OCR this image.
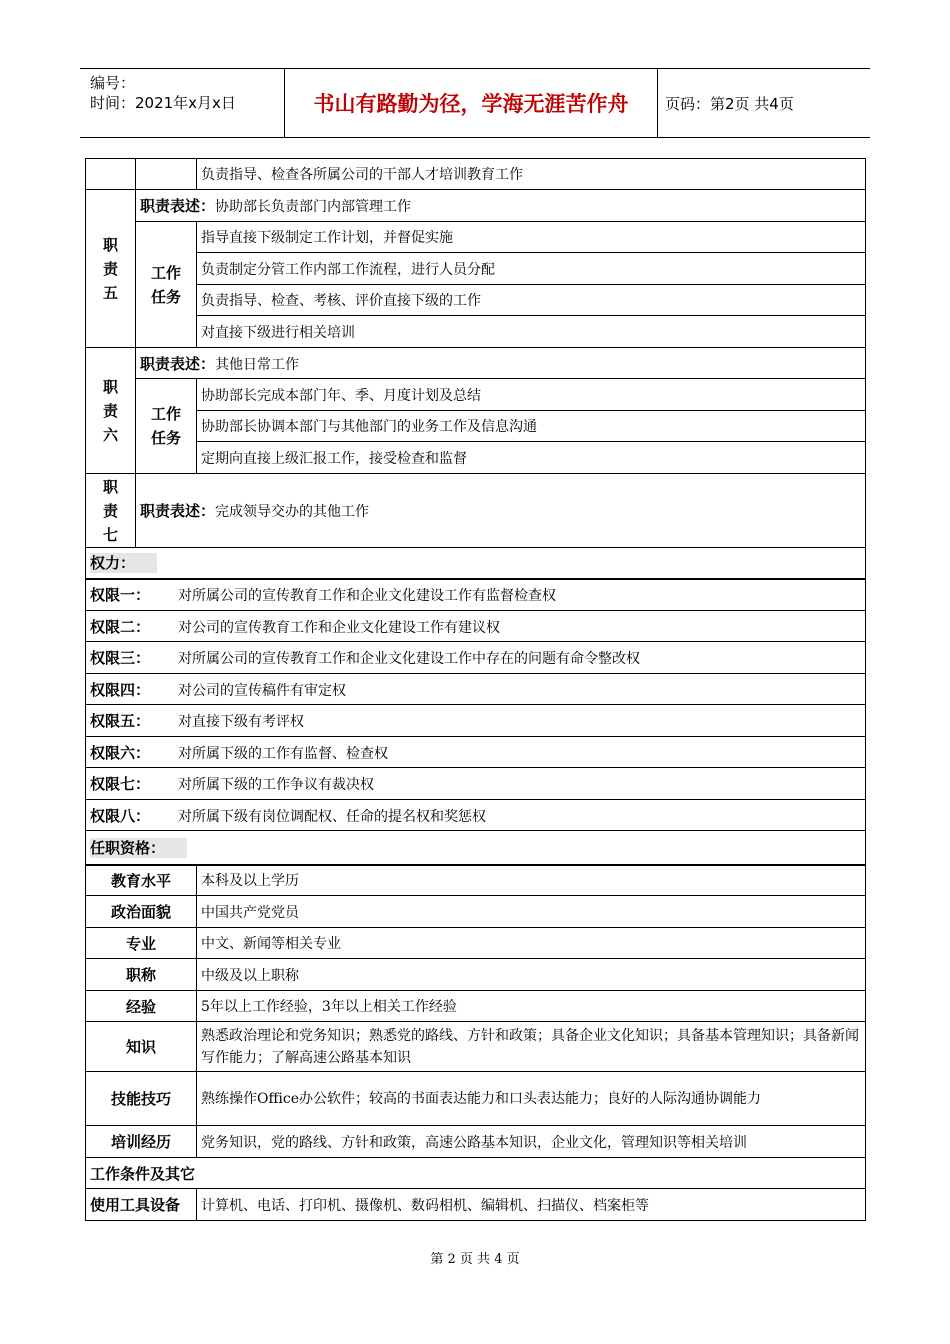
编号：
时间：2021年x月x日	书山有路勤为径，学海无涯苦作舟	页码：第2页 共4页
		负责指导、检查各所属公司的干部人才培训教育工作
职责五	职责表述：协助部长负责部门内部管理工作	
	工作任务	指导直接下级制定工作计划，并督促实施
		负责制定分管工作内部工作流程，进行人员分配
		负责指导、检查、考核、评价直接下级的工作
		对直接下级进行相关培训
职责六	职责表述：其他日常工作	
	工作任务	协助部长完成本部门年、季、月度计划及总结
		协助部长协调本部门与其他部门的业务工作及信息沟通
		定期向直接上级汇报工作，接受检查和监督
职责七	职责表述：完成领导交办的其他工作	
权力：		
权限一： 对所属公司的宣传教育工作和企业文化建设工作有监督检查权		
权限二： 对公司的宣传教育工作和企业文化建设工作有建议权		
权限三： 对所属公司的宣传教育工作和企业文化建设工作中存在的问题有命令整改权		
权限四： 对公司的宣传稿件有审定权		
权限五： 对直接下级有考评权		
权限六： 对所属下级的工作有监督、检查权		
权限七： 对所属下级的工作争议有裁决权		
权限八： 对所属下级有岗位调配权、任命的提名权和奖惩权		
任职资格：		
教育水平		本科及以上学历
政治面貌		中国共产党党员
专业		中文、新闻等相关专业
职称		中级及以上职称
经验		5年以上工作经验，3年以上相关工作经验
知识		熟悉政治理论和党务知识；熟悉党的路线、方针和政策；具备企业文化知识；具备基本管理知识；具备新闻写作能力；了解高速公路基本知识
技能技巧		熟练操作Office办公软件；较高的书面表达能力和口头表达能力；良好的人际沟通协调能力
培训经历		党务知识，党的路线、方针和政策，高速公路基本知识，企业文化，管理知识等相关培训
工作条件及其它		
使用工具设备		计算机、电话、打印机、摄像机、数码相机、编辑机、扫描仪、档案柜等
第 2 页 共 4 页
